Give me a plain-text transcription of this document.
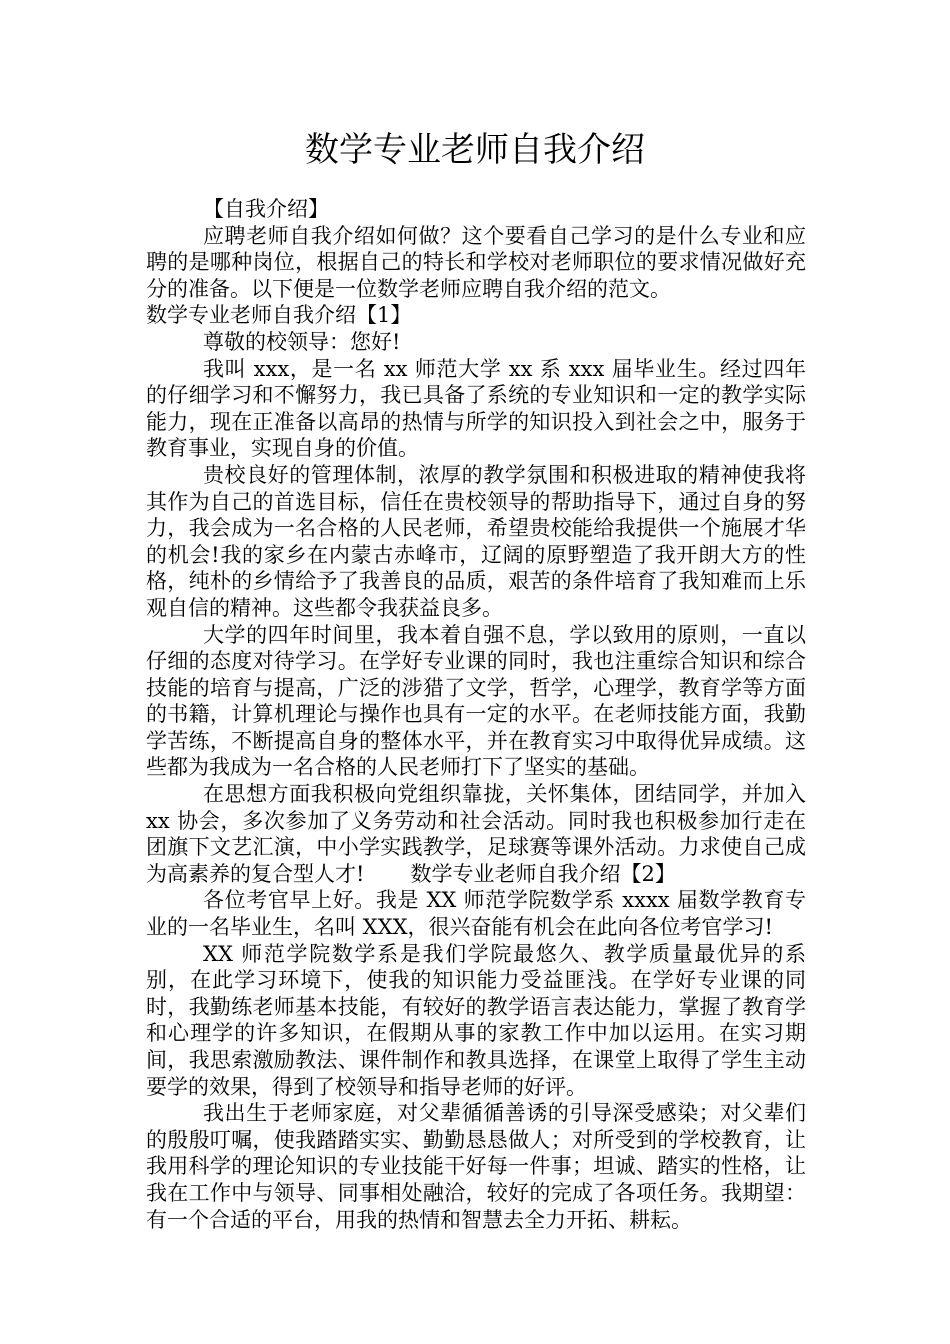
数学专业老师自我介绍

【自我介绍】

应聘老师自我介绍如何做？这个要看自己学习的是什么专业和应聘的是哪种岗位，根据自己的特长和学校对老师职位的要求情况做好充分的准备。以下便是一位数学老师应聘自我介绍的范文。

数学专业老师自我介绍【1】

尊敬的校领导：您好!

我叫 xxx，是一名 xx 师范大学 xx 系 xxx 届毕业生。经过四年的仔细学习和不懈努力，我已具备了系统的专业知识和一定的教学实际能力，现在正准备以高昂的热情与所学的知识投入到社会之中，服务于教育事业，实现自身的价值。

贵校良好的管理体制，浓厚的教学氛围和积极进取的精神使我将其作为自己的首选目标，信任在贵校领导的帮助指导下，通过自身的努力，我会成为一名合格的人民老师，希望贵校能给我提供一个施展才华的机会!我的家乡在内蒙古赤峰市，辽阔的原野塑造了我开朗大方的性格，纯朴的乡情给予了我善良的品质，艰苦的条件培育了我知难而上乐观自信的精神。这些都令我获益良多。

大学的四年时间里，我本着自强不息，学以致用的原则，一直以仔细的态度对待学习。在学好专业课的同时，我也注重综合知识和综合技能的培育与提高，广泛的涉猎了文学，哲学，心理学，教育学等方面的书籍，计算机理论与操作也具有一定的水平。在老师技能方面，我勤学苦练，不断提高自身的整体水平，并在教育实习中取得优异成绩。这些都为我成为一名合格的人民老师打下了坚实的基础。

在思想方面我积极向党组织靠拢，关怀集体，团结同学，并加入 xx 协会，多次参加了义务劳动和社会活动。同时我也积极参加行走在团旗下文艺汇演，中小学实践教学，足球赛等课外活动。力求使自己成为高素养的复合型人才! 数学专业老师自我介绍【2】

各位考官早上好。我是 XX 师范学院数学系 xxxx 届数学教育专业的一名毕业生，名叫 XXX，很兴奋能有机会在此向各位考官学习!

XX 师范学院数学系是我们学院最悠久、教学质量最优异的系别，在此学习环境下，使我的知识能力受益匪浅。在学好专业课的同时，我勤练老师基本技能，有较好的教学语言表达能力，掌握了教育学和心理学的许多知识，在假期从事的家教工作中加以运用。在实习期间，我思索激励教法、课件制作和教具选择，在课堂上取得了学生主动要学的效果，得到了校领导和指导老师的好评。

我出生于老师家庭，对父辈循循善诱的引导深受感染；对父辈们的殷殷叮嘱，使我踏踏实实、勤勤恳恳做人；对所受到的学校教育，让我用科学的理论知识的专业技能干好每一件事；坦诚、踏实的性格，让我在工作中与领导、同事相处融洽，较好的完成了各项任务。我期望：有一个合适的平台，用我的热情和智慧去全力开拓、耕耘。
